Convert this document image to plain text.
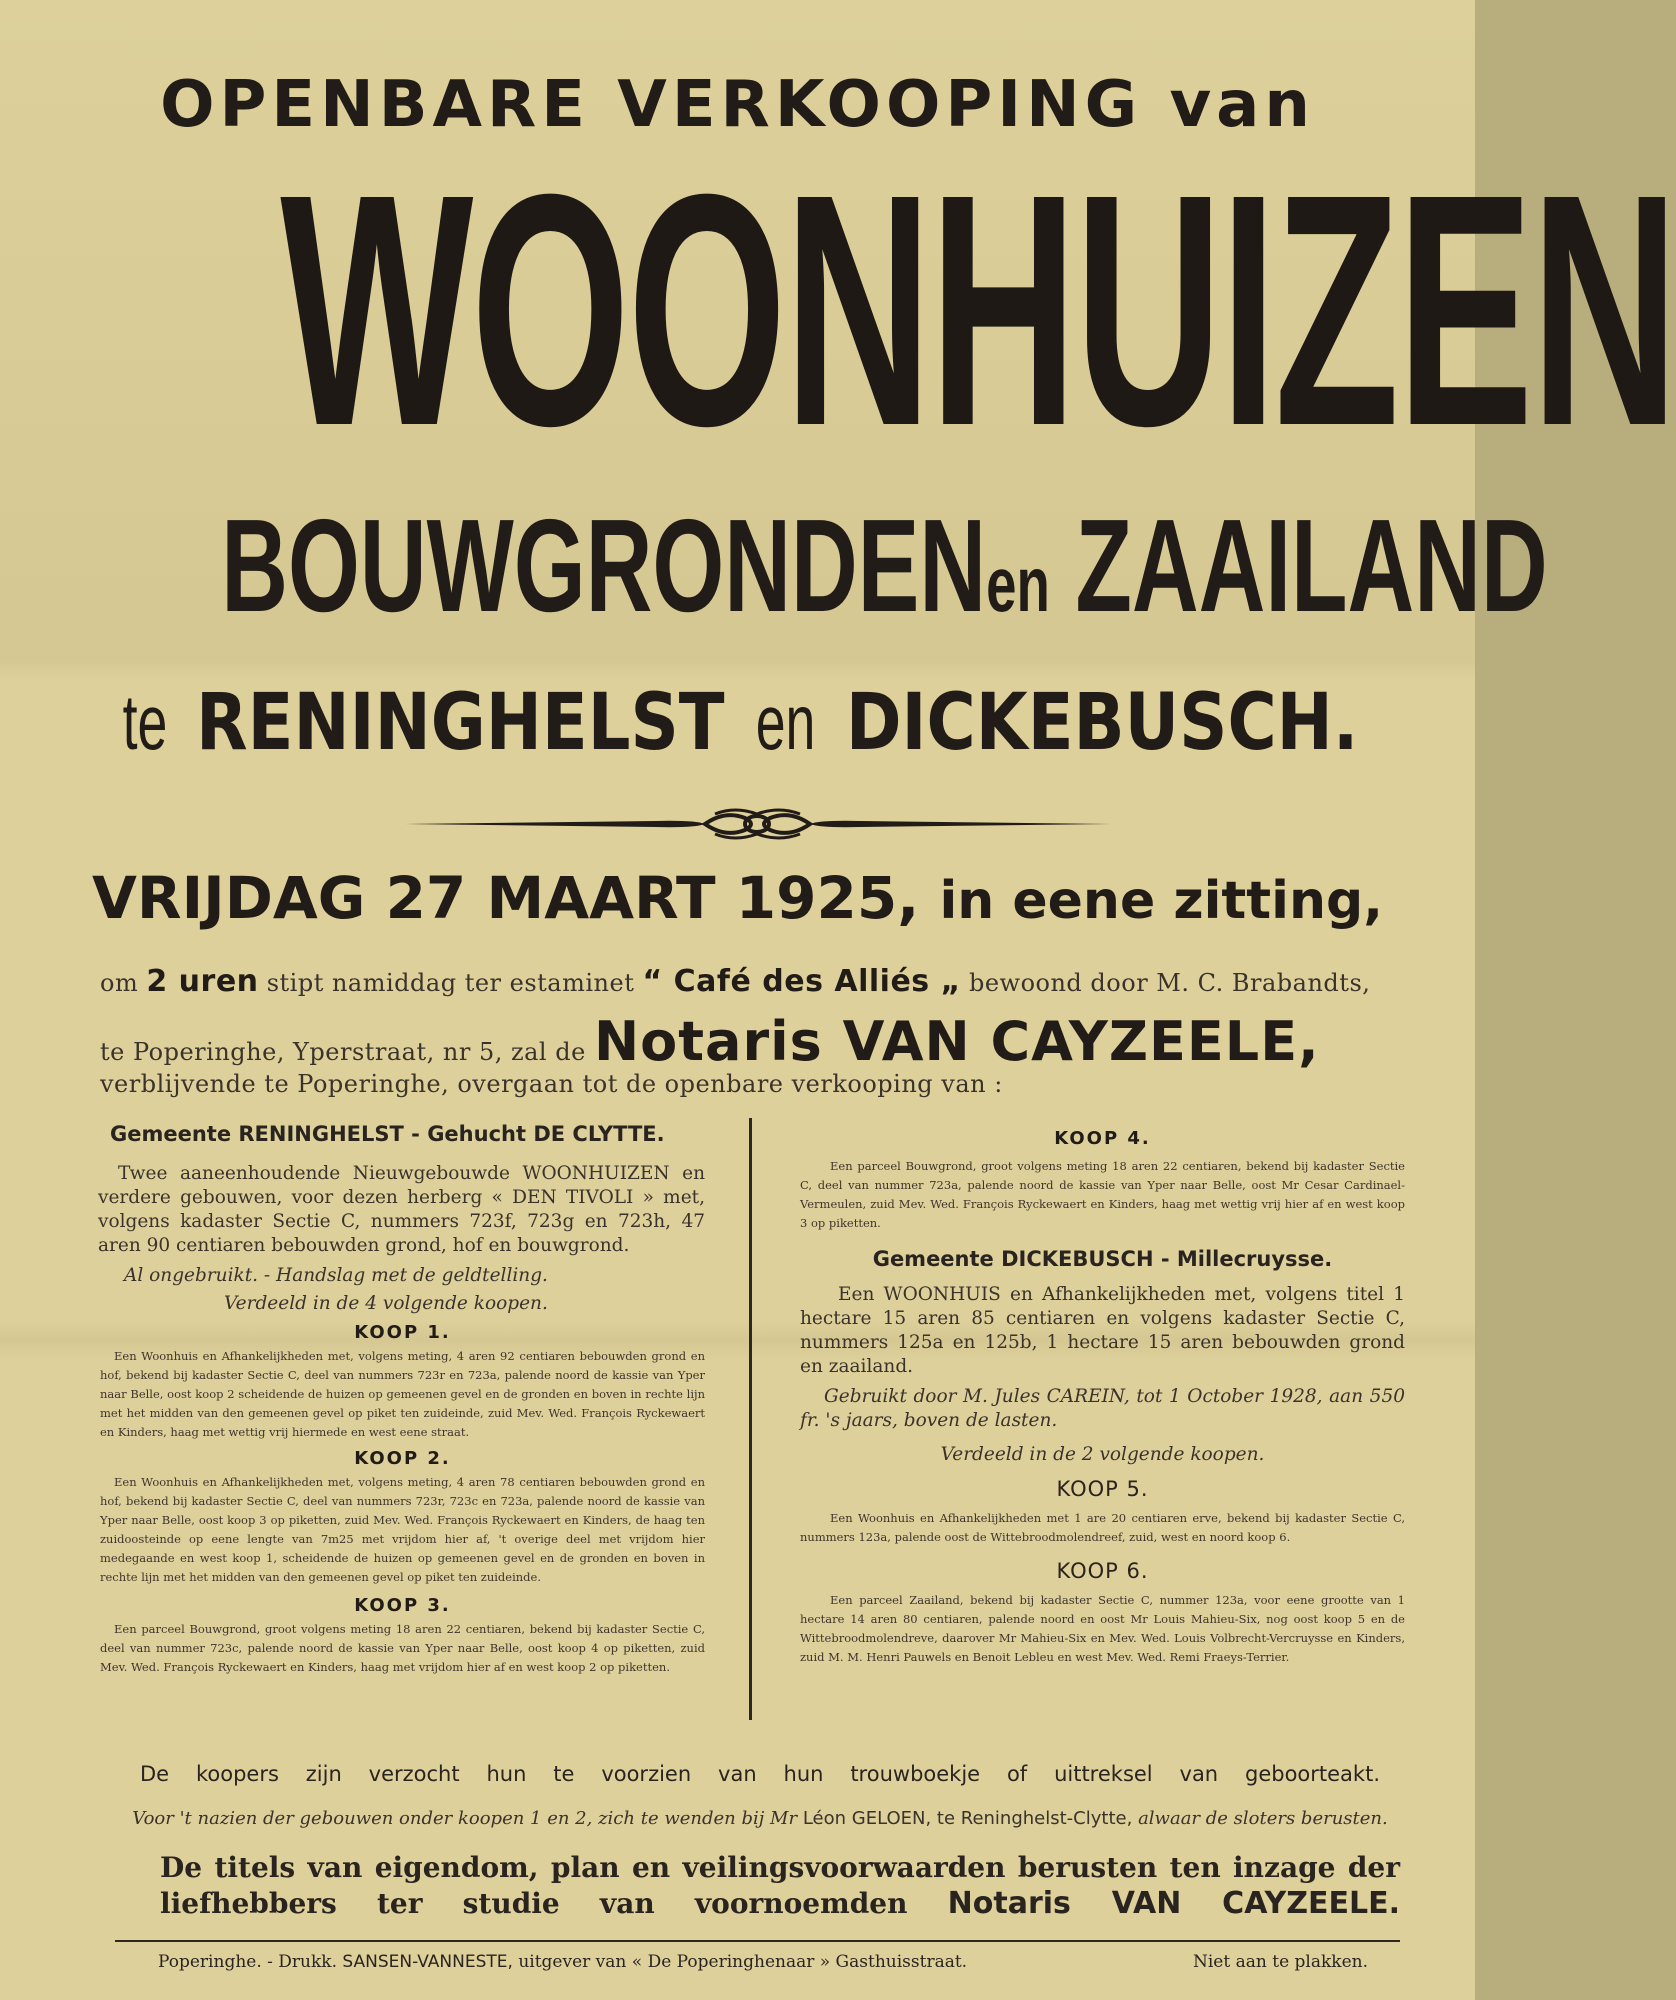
OPENBARE VERKOOPING van
WOONHUIZEN
BOUWGRONDENen ZAAILAND
te RENINGHELST en DICKEBUSCH.
VRIJDAG 27 MAART 1925, in eene zitting,
om 2 uren stipt namiddag ter estaminet “ Café des Alliés „ bewoond door M. C. Brabandts,
te Poperinghe, Yperstraat, nr 5, zal de Notaris VAN CAYZEELE,
verblijvende te Poperinghe, overgaan tot de openbare verkooping van :
Gemeente RENINGHELST - Gehucht DE CLYTTE.
Twee aaneenhoudende Nieuwgebouwde WOONHUIZEN en verdere gebouwen, voor dezen herberg « DEN TIVOLI » met, volgens kadaster Sectie C, nummers 723f, 723g en 723h, 47 aren 90 centiaren bebouwden grond, hof en bouwgrond.
Al ongebruikt. - Handslag met de geldtelling.
Verdeeld in de 4 volgende koopen.
KOOP 1.
Een Woonhuis en Afhankelijkheden met, volgens meting, 4 aren 92 centiaren bebouwden grond en hof, bekend bij kadaster Sectie C, deel van nummers 723r en 723a, palende noord de kassie van Yper naar Belle, oost koop 2 scheidende de huizen op gemeenen gevel en de gronden en boven in rechte lijn met het midden van den gemeenen gevel op piket ten zuideinde, zuid Mev. Wed. François Ryckewaert en Kinders, haag met wettig vrij hiermede en west eene straat.
KOOP 2.
Een Woonhuis en Afhankelijkheden met, volgens meting, 4 aren 78 centiaren bebouwden grond en hof, bekend bij kadaster Sectie C, deel van nummers 723r, 723c en 723a, palende noord de kassie van Yper naar Belle, oost koop 3 op piketten, zuid Mev. Wed. François Ryckewaert en Kinders, de haag ten zuidoosteinde op eene lengte van 7m25 met vrijdom hier af, 't overige deel met vrijdom hier medegaande en west koop 1, scheidende de huizen op gemeenen gevel en de gronden en boven in rechte lijn met het midden van den gemeenen gevel op piket ten zuideinde.
KOOP 3.
Een parceel Bouwgrond, groot volgens meting 18 aren 22 centiaren, bekend bij kadaster Sectie C, deel van nummer 723c, palende noord de kassie van Yper naar Belle, oost koop 4 op piketten, zuid Mev. Wed. François Ryckewaert en Kinders, haag met vrijdom hier af en west koop 2 op piketten.
KOOP 4.
Een parceel Bouwgrond, groot volgens meting 18 aren 22 centiaren, bekend bij kadaster Sectie C, deel van nummer 723a, palende noord de kassie van Yper naar Belle, oost Mr Cesar Cardinael-Vermeulen, zuid Mev. Wed. François Ryckewaert en Kinders, haag met wettig vrij hier af en west koop 3 op piketten.
Gemeente DICKEBUSCH - Millecruysse.
Een WOONHUIS en Afhankelijkheden met, volgens titel 1 hectare 15 aren 85 centiaren en volgens kadaster Sectie C, nummers 125a en 125b, 1 hectare 15 aren bebouwden grond en zaailand.
Gebruikt door M. Jules CAREIN, tot 1 October 1928, aan 550 fr. 's jaars, boven de lasten.
Verdeeld in de 2 volgende koopen.
KOOP 5.
Een Woonhuis en Afhankelijkheden met 1 are 20 centiaren erve, bekend bij kadaster Sectie C, nummers 123a, palende oost de Wittebroodmolendreef, zuid, west en noord koop 6.
KOOP 6.
Een parceel Zaailand, bekend bij kadaster Sectie C, nummer 123a, voor eene grootte van 1 hectare 14 aren 80 centiaren, palende noord en oost Mr Louis Mahieu-Six, nog oost koop 5 en de Wittebroodmolendreve, daarover Mr Mahieu-Six en Mev. Wed. Louis Volbrecht-Vercruysse en Kinders, zuid M. M. Henri Pauwels en Benoit Lebleu en west Mev. Wed. Remi Fraeys-Terrier.
De koopers zijn verzocht hun te voorzien van hun trouwboekje of uittreksel van geboorteakt.
Voor 't nazien der gebouwen onder koopen 1 en 2, zich te wenden bij Mr Léon GELOEN, te Reninghelst-Clytte, alwaar de sloters berusten.
De titels van eigendom, plan en veilingsvoorwaarden berusten ten inzage der liefhebbers ter studie van voornoemden Notaris VAN CAYZEELE.
Poperinghe. - Drukk. SANSEN-VANNESTE, uitgever van « De Poperinghenaar » Gasthuisstraat.	Niet aan te plakken.
